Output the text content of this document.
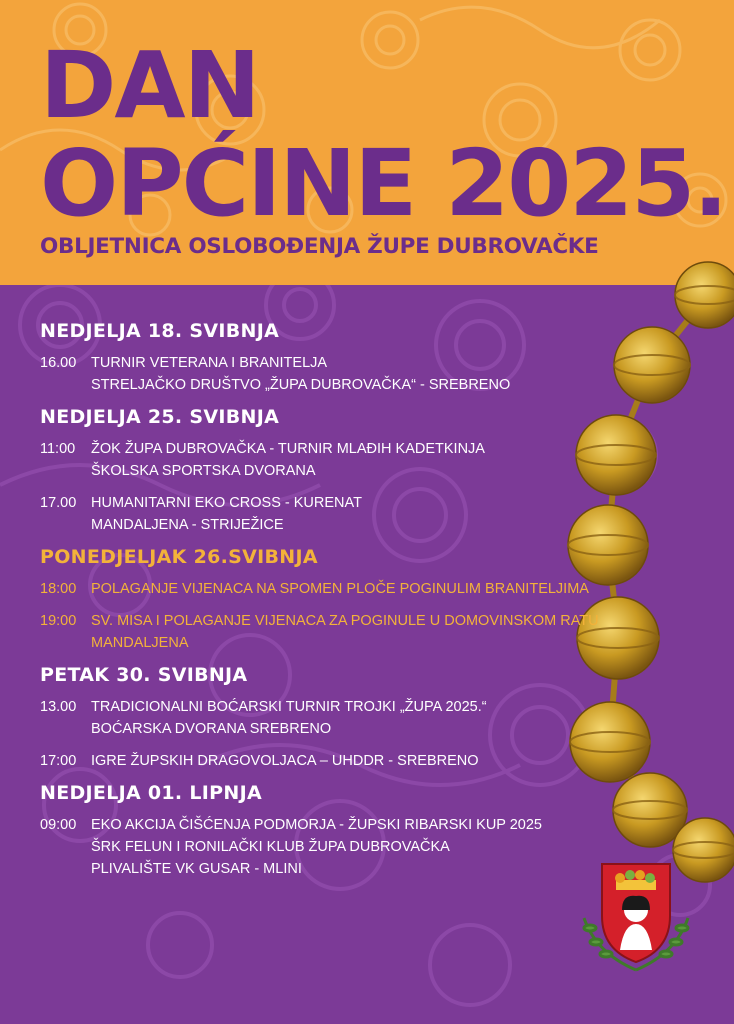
DAN
OPĆINE 2025.
OBLJETNICA OSLOBOĐENJA ŽUPE DUBROVAČKE
NEDJELJA 18. SVIBNJA
16.00	TURNIR VETERANA I BRANITELJA
STRELJAČKO DRUŠTVO „ŽUPA DUBROVAČKA“ - SREBRENO
NEDJELJA 25. SVIBNJA
11:00	ŽOK ŽUPA DUBROVAČKA - TURNIR MLAĐIH KADETKINJA
ŠKOLSKA SPORTSKA DVORANA
17.00	HUMANITARNI EKO CROSS - KURENAT
MANDALJENA - STRIJEŽICE
PONEDJELJAK 26.SVIBNJA
18:00	POLAGANJE VIJENACA NA SPOMEN PLOČE POGINULIM BRANITELJIMA
19:00	SV. MISA I POLAGANJE VIJENACA ZA POGINULE U DOMOVINSKOM RATU
MANDALJENA
PETAK 30. SVIBNJA
13.00	TRADICIONALNI BOĆARSKI TURNIR TROJKI „ŽUPA 2025.“
BOĆARSKA DVORANA SREBRENO
17:00	IGRE ŽUPSKIH DRAGOVOLJACA – UHDDR - SREBRENO
NEDJELJA 01. LIPNJA
09:00	EKO AKCIJA ČIŠĆENJA PODMORJA - ŽUPSKI RIBARSKI KUP 2025
ŠRK FELUN I RONILAČKI KLUB ŽUPA DUBROVAČKA
PLIVALIŠTE VK GUSAR - MLINI
